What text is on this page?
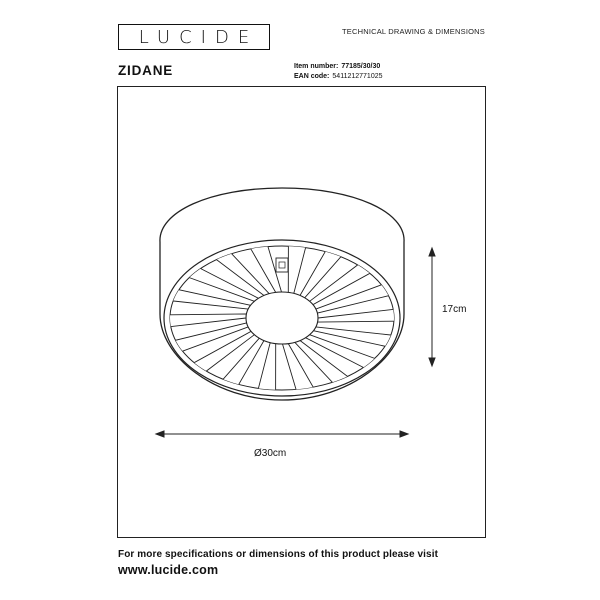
LUCIDE	TECHNICAL DRAWING & DIMENSIONS
ZIDANE	Item number: 77185/30/30
EAN code: 5411212771025
17cm
Ø30cm
For more specifications or dimensions of this product please visit
www.lucide.com
